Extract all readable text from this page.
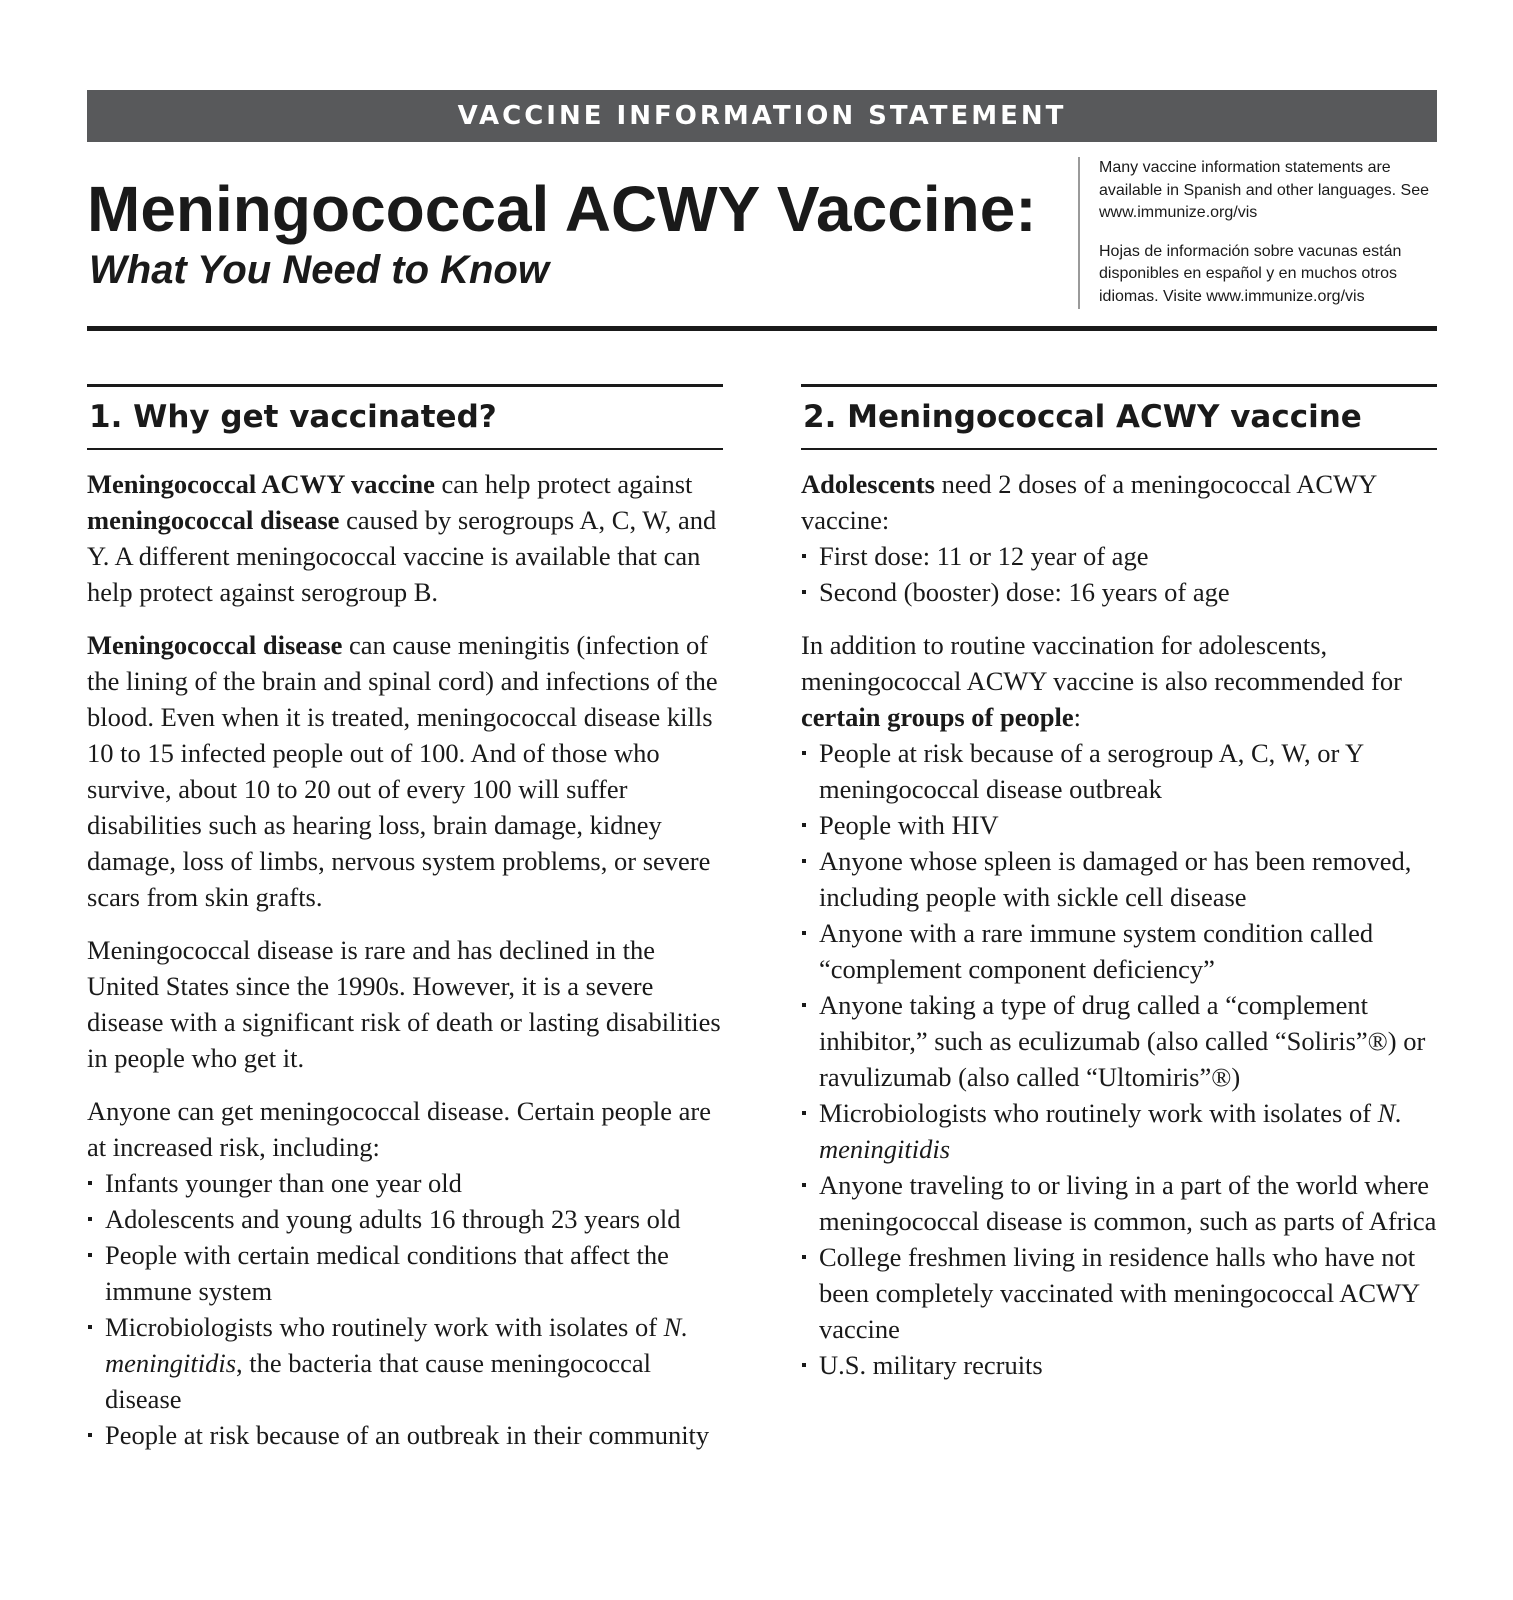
VACCINE INFORMATION STATEMENT
Meningococcal ACWY Vaccine:
What You Need to Know

Many vaccine information statements are available in Spanish and other languages. See www.immunize.org/vis

Hojas de información sobre vacunas están disponibles en español y en muchos otros idiomas. Visite www.immunize.org/vis

1. Why get vaccinated?

Meningococcal ACWY vaccine can help protect against meningococcal disease caused by serogroups A, C, W, and Y. A different meningococcal vaccine is available that can help protect against serogroup B.

Meningococcal disease can cause meningitis (infection of the lining of the brain and spinal cord) and infections of the blood. Even when it is treated, meningococcal disease kills 10 to 15 infected people out of 100. And of those who survive, about 10 to 20 out of every 100 will suffer disabilities such as hearing loss, brain damage, kidney damage, loss of limbs, nervous system problems, or severe scars from skin grafts.

Meningococcal disease is rare and has declined in the United States since the 1990s. However, it is a severe disease with a significant risk of death or lasting disabilities in people who get it.

Anyone can get meningococcal disease. Certain people are at increased risk, including:

Infants younger than one year old
Adolescents and young adults 16 through 23 years old
People with certain medical conditions that affect the immune system
Microbiologists who routinely work with isolates of N. meningitidis, the bacteria that cause meningococcal disease
People at risk because of an outbreak in their community
2. Meningococcal ACWY vaccine

Adolescents need 2 doses of a meningococcal ACWY vaccine:

First dose: 11 or 12 year of age
Second (booster) dose: 16 years of age

In addition to routine vaccination for adolescents, meningococcal ACWY vaccine is also recommended for certain groups of people:

People at risk because of a serogroup A, C, W, or Y meningococcal disease outbreak
People with HIV
Anyone whose spleen is damaged or has been removed, including people with sickle cell disease
Anyone with a rare immune system condition called “complement component deficiency”
Anyone taking a type of drug called a “complement inhibitor,” such as eculizumab (also called “Soliris”®) or ravulizumab (also called “Ultomiris”®)
Microbiologists who routinely work with isolates of N. meningitidis
Anyone traveling to or living in a part of the world where meningococcal disease is common, such as parts of Africa
College freshmen living in residence halls who have not been completely vaccinated with meningococcal ACWY vaccine
U.S. military recruits
